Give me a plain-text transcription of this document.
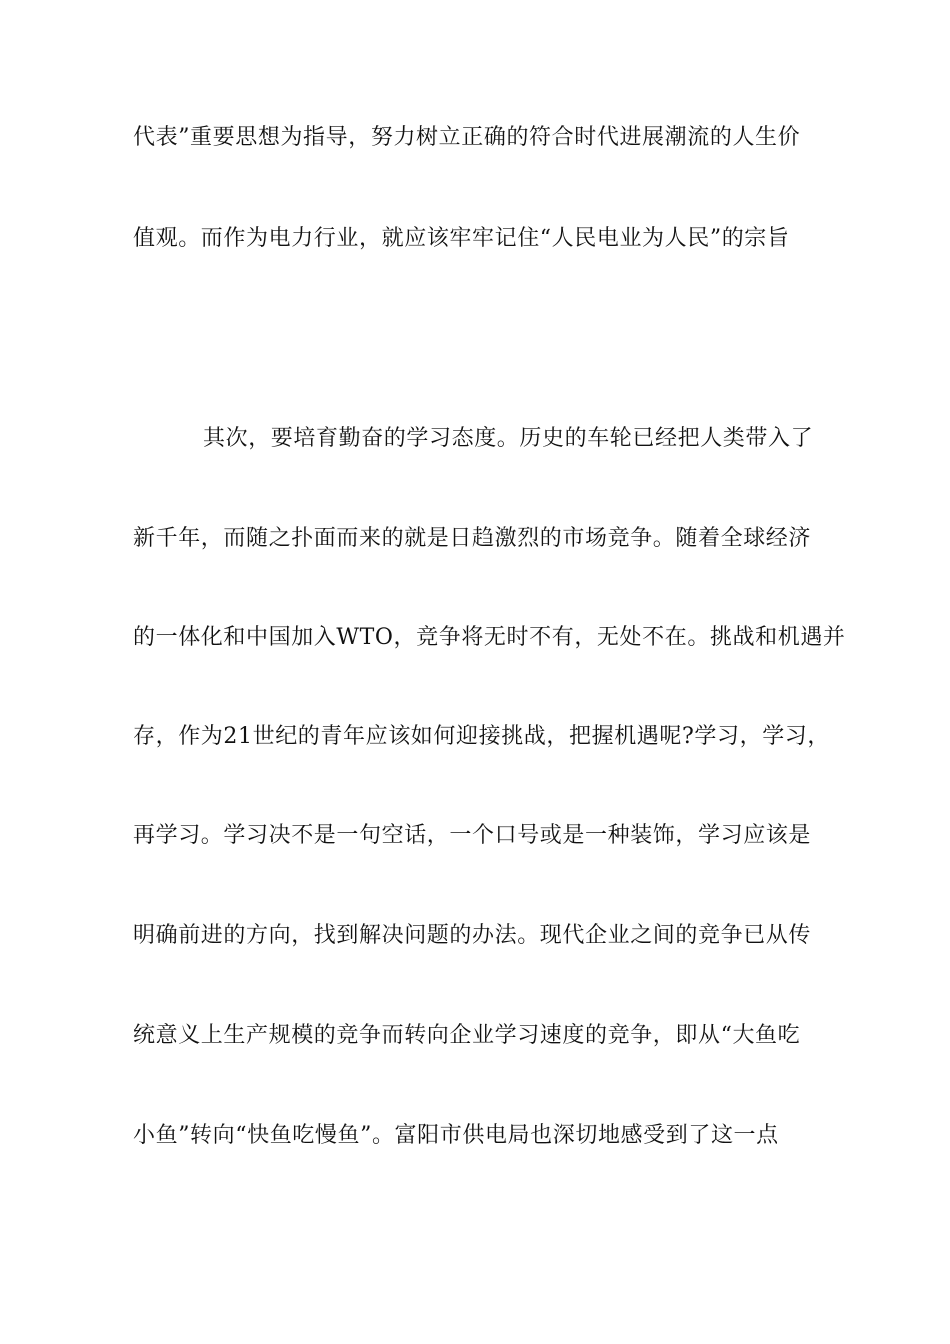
代表”重要思想为指导，努力树立正确的符合时代进展潮流的人生价
值观。而作为电力行业，就应该牢牢记住“人民电业为人民”的宗旨
其次，要培育勤奋的学习态度。历史的车轮已经把人类带入了
新千年，而随之扑面而来的就是日趋激烈的市场竞争。随着全球经济
的一体化和中国加入WTO，竞争将无时不有，无处不在。挑战和机遇并
存，作为21世纪的青年应该如何迎接挑战，把握机遇呢?学习，学习，
再学习。学习决不是一句空话，一个口号或是一种装饰，学习应该是
明确前进的方向，找到解决问题的办法。现代企业之间的竞争已从传
统意义上生产规模的竞争而转向企业学习速度的竞争，即从“大鱼吃
小鱼”转向“快鱼吃慢鱼”。富阳市供电局也深切地感受到了这一点
